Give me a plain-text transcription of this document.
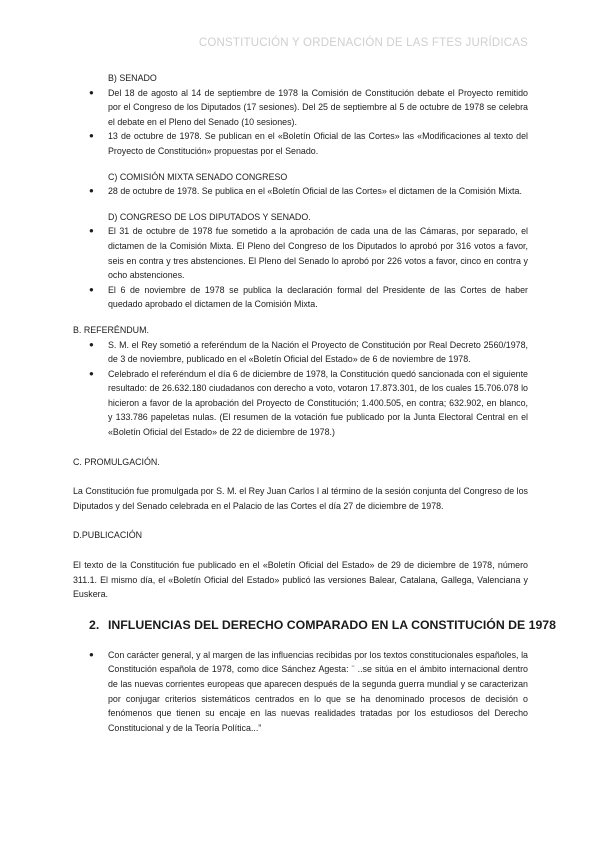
CONSTITUCIÓN Y ORDENACIÓN DE LAS FTES JURÍDICAS
B) SENADO
● Del 18 de agosto al 14 de septiembre de 1978 la Comisión de Constitución debate el Proyecto remitido por el Congreso de los Diputados (17 sesiones). Del 25 de septiembre al 5 de octubre de 1978 se celebra el debate en el Pleno del Senado (10 sesiones).
● 13 de octubre de 1978. Se publican en el «Boletín Oficial de las Cortes» las «Modificaciones al texto del Proyecto de Constitución» propuestas por el Senado.
C) COMISIÓN MIXTA SENADO CONGRESO
● 28 de octubre de 1978. Se publica en el «Boletín Oficial de las Cortes» el dictamen de la Comisión Mixta.
D) CONGRESO DE LOS DIPUTADOS Y SENADO.
● El 31 de octubre de 1978 fue sometido a la aprobación de cada una de las Cámaras, por separado, el dictamen de la Comisión Mixta. El Pleno del Congreso de los Diputados lo aprobó por 316 votos a favor, seis en contra y tres abstenciones. El Pleno del Senado lo aprobó por 226 votos a favor, cinco en contra y ocho abstenciones.
● El 6 de noviembre de 1978 se publica la declaración formal del Presidente de las Cortes de haber quedado aprobado el dictamen de la Comisión Mixta.
B. REFERÉNDUM.
● S. M. el Rey sometió a referéndum de la Nación el Proyecto de Constitución por Real Decreto 2560/1978, de 3 de noviembre, publicado en el «Boletín Oficial del Estado» de 6 de noviembre de 1978.
● Celebrado el referéndum el día 6 de diciembre de 1978, la Constitución quedó sancionada con el siguiente resultado: de 26.632.180 ciudadanos con derecho a voto, votaron 17.873.301, de los cuales 15.706.078 lo hicieron a favor de la aprobación del Proyecto de Constitución; 1.400.505, en contra; 632.902, en blanco, y 133.786 papeletas nulas. (El resumen de la votación fue publicado por la Junta Electoral Central en el «Boletín Oficial del Estado» de 22 de diciembre de 1978.)
C. PROMULGACIÓN.
La Constitución fue promulgada por S. M. el Rey Juan Carlos I al término de la sesión conjunta del Congreso de los Diputados y del Senado celebrada en el Palacio de las Cortes el día 27 de diciembre de 1978.
D.PUBLICACIÓN
El texto de la Constitución fue publicado en el «Boletín Oficial del Estado» de 29 de diciembre de 1978, número 311.1. El mismo día, el «Boletín Oficial del Estado» publicó las versiones Balear, Catalana, Gallega, Valenciana y Euskera.
2. INFLUENCIAS DEL DERECHO COMPARADO EN LA CONSTITUCIÓN DE 1978
● Con carácter general, y al margen de las influencias recibidas por los textos constitucionales españoles, la Constitución española de 1978, como dice Sánchez Agesta: ¨ ..se sitúa en el ámbito internacional dentro de las nuevas corrientes europeas que aparecen después de la segunda guerra mundial y se caracterizan por conjugar criterios sistemáticos centrados en lo que se ha denominado procesos de decisión o fenómenos que tienen su encaje en las nuevas realidades tratadas por los estudiosos del Derecho Constitucional y de la Teoría Política...”
